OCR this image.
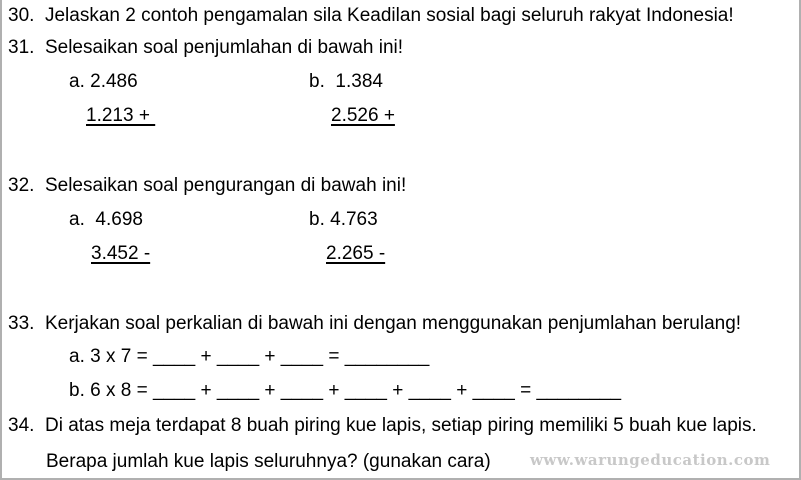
30.  Jelaskan 2 contoh pengamalan sila Keadilan sosial bagi seluruh rakyat Indonesia!
31.  Selesaikan soal penjumlahan di bawah ini!
a. 2.486
1.213 +
b.  1.384
2.526 +
32.  Selesaikan soal pengurangan di bawah ini!
a.  4.698
3.452 -
b. 4.763
2.265 -
33.  Kerjakan soal perkalian di bawah ini dengan menggunakan penjumlahan berulang!
a. 3 x 7 = ____ + ____ + ____ = ________
b. 6 x 8 = ____ + ____ + ____ + ____ + ____ + ____ = ________
34.  Di atas meja terdapat 8 buah piring kue lapis, setiap piring memiliki 5 buah kue lapis.
Berapa jumlah kue lapis seluruhnya? (gunakan cara)	www.warungeducation.com
